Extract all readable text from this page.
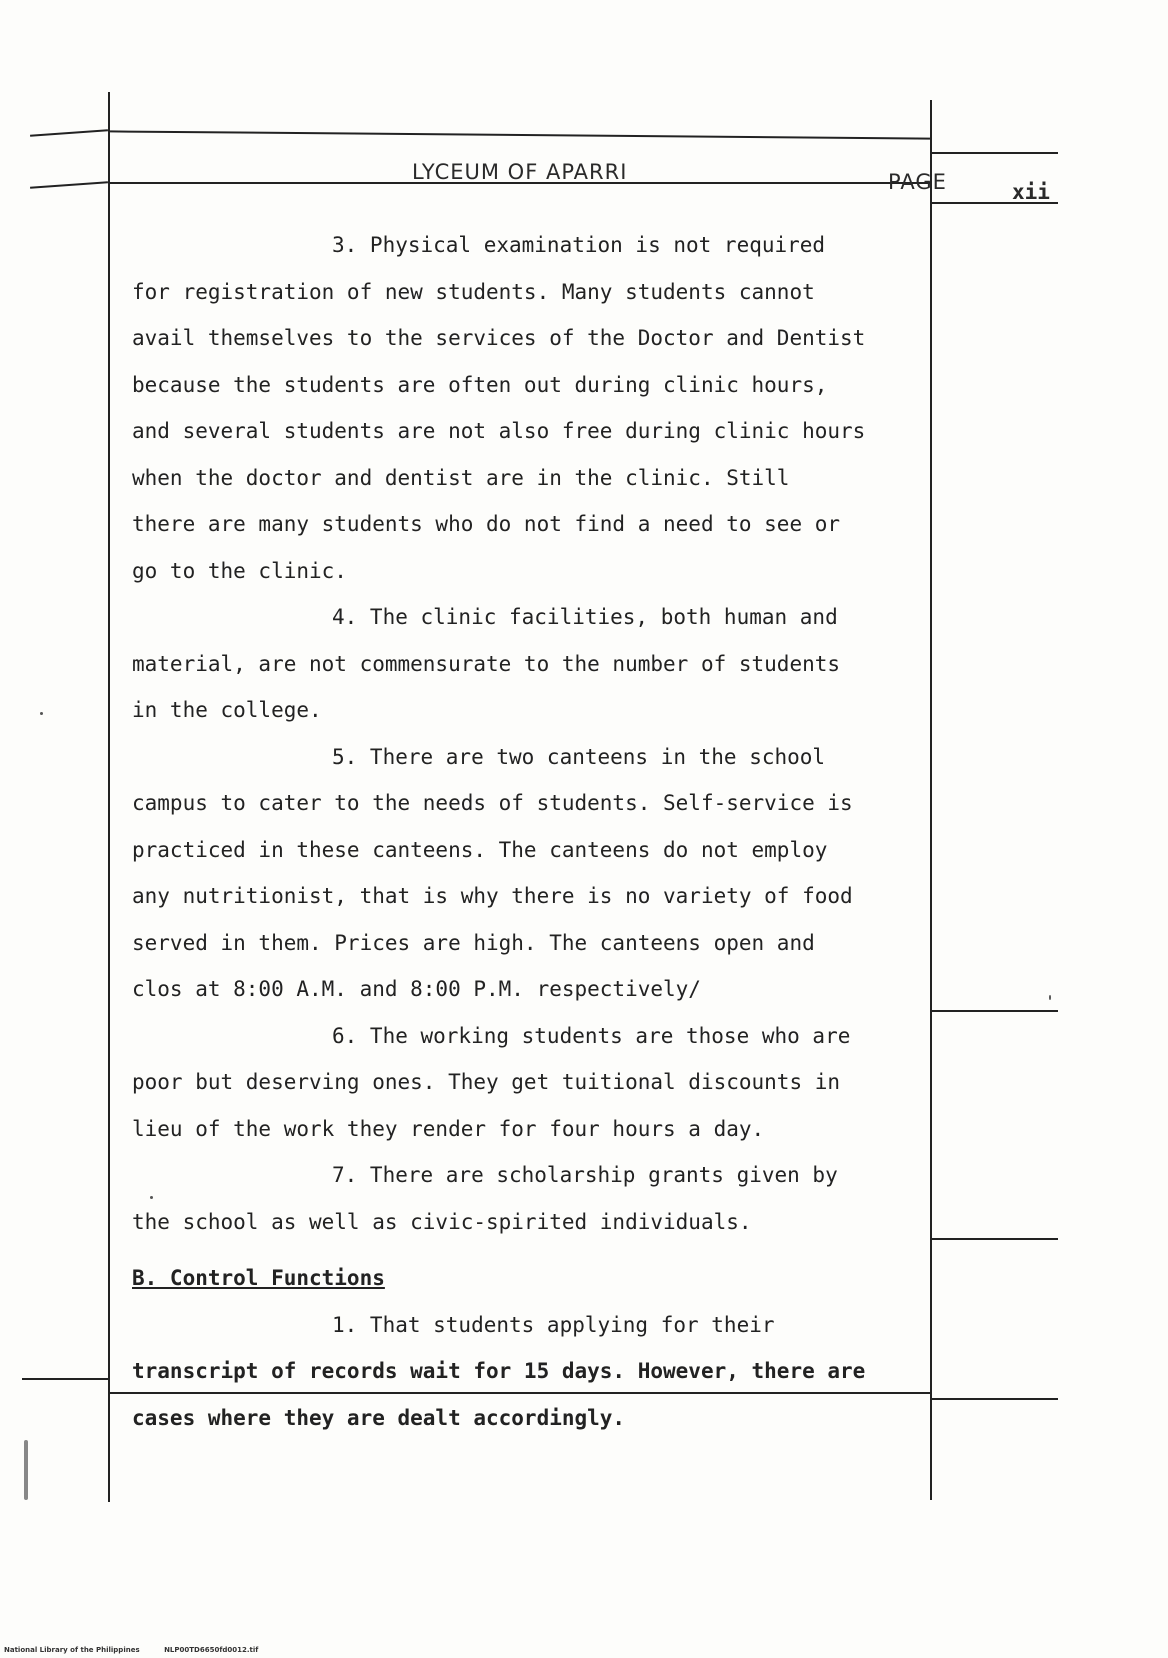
LYCEUM OF APARRI	PAGE	xii
3. Physical examination is not required
for registration of new students. Many students cannot
avail themselves to the services of the Doctor and Dentist
because the students are often out during clinic hours,
and several students are not also free during clinic hours
when the doctor and dentist are in the clinic. Still
there are many students who do not find a need to see or
go to the clinic.
4. The clinic facilities, both human and
material, are not commensurate to the number of students
in the college.
5. There are two canteens in the school
campus to cater to the needs of students. Self-service is
practiced in these canteens. The canteens do not employ
any nutritionist, that is why there is no variety of food
served in them. Prices are high. The canteens open and
clos at 8:00 A.M. and 8:00 P.M. respectively/
6. The working students are those who are
poor but deserving ones. They get tuitional discounts in
lieu of the work they render for four hours a day.
7. There are scholarship grants given by
the school as well as civic-spirited individuals.
B. Control Functions
1. That students applying for their
transcript of records wait for 15 days. However, there are
cases where they are dealt accordingly.
National Library of the Philippines	NLP00TD6650fd0012.tif
